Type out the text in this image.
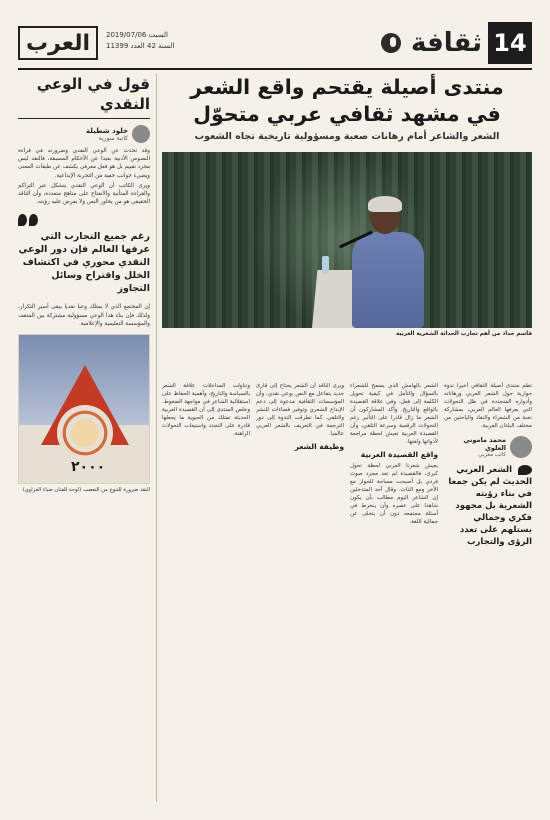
14
ثقافة
العرب	السبت 2019/07/06
السنة 42 العدد 11399
قول في الوعي النقدي
خلود شطيلة
كاتبة سورية

وقد تحدث عن الوعي النقدي وضرورته في قراءة النصوص الأدبية بعيدا عن الأحكام المسبقة، فالنقد ليس مجرد تقييم بل هو فعل معرفي يكشف عن طبقات المعنى ويضيء جوانب خفية من التجربة الإبداعية.

ويرى الكاتب أن الوعي النقدي يتشكل عبر التراكم والقراءة المتأنية والانفتاح على مناهج متعددة، وأن الناقد الحقيقي هو من يحاور النص ولا يفرض عليه رؤيته.

رغم جميع التجارب التي عرفها العالم فإن دور الوعي النقدي محوري في اكتشاف الخلل واقتراح وسائل التجاوز

إن المجتمع الذي لا يمتلك وعيا نقديا يبقى أسير التكرار، ولذلك فإن بناء هذا الوعي مسؤولية مشتركة بين المثقف والمؤسسة التعليمية والإعلامية.

٢٠٠٠
النقد ضرورة للتنوع من التعصب (لوحة للفنان ضياء العزاوي)
منتدى أصيلة يقتحم واقع الشعر
في مشهد ثقافي عربي متحوّل
الشعر والشاعر أمام رهانات صعبة ومسؤولية تاريخية تجاه الشعوب
قاسم حداد من أهم تجارب الحداثة الشعرية العربية
نظم منتدى أصيلة الثقافي أخيرا ندوة حوارية حول الشعر العربي ورهاناته وأدواره المتجددة في ظل التحولات التي يعرفها العالم العربي، بمشاركة نخبة من الشعراء والنقاد والباحثين من مختلف البلدان العربية.
محمد ماموني العلوي
كاتب مغربي
الشعر العربي الحديث لم يكن جمعا في بناء رؤيته الشعرية بل مجهود فكري وجمالي يستلهم على تعدد الرؤى والتجارب
الشعر بالهامش الذي يسمح للشعراء بالسؤال والتأمل في كيفية تحويل الكلمة إلى فعل، وفي علاقة القصيدة بالواقع والتاريخ. وأكد المشاركون أن الشعر ما زال قادرا على التأثير رغم التحولات الرقمية وسرعة التلقي، وأن القصيدة العربية تعيش لحظة مراجعة لأدواتها ولغتها.
واقع القصيدة العربية
يعيش شعرنا العربي لحظة تحول كبرى، فالقصيدة لم تعد مجرد صوت فردي بل أصبحت مساحة للحوار مع الآخر ومع الذات. وقال أحد المتدخلين إن الشاعر اليوم مطالب بأن يكون شاهدا على عصره وأن ينخرط في أسئلة مجتمعه دون أن يتخلى عن جمالية اللغة.
ويرى الناقد أن الشعر يحتاج إلى قارئ جديد يتفاعل مع النص بوعي نقدي، وأن المؤسسات الثقافية مدعوة إلى دعم الإبداع الشعري وتوفير فضاءات للنشر والتلقي. كما تطرقت الندوة إلى دور الترجمة في التعريف بالشعر العربي عالميا.
وظيفة الشعر
وتناولت المداخلات علاقة الشعر بالسياسة والتاريخ، وأهمية الحفاظ على استقلالية الشاعر في مواجهة الضغوط. وخلص المنتدى إلى أن القصيدة العربية الحديثة تمتلك من الحيوية ما يجعلها قادرة على التجدد واستيعاب التحولات الراهنة.
